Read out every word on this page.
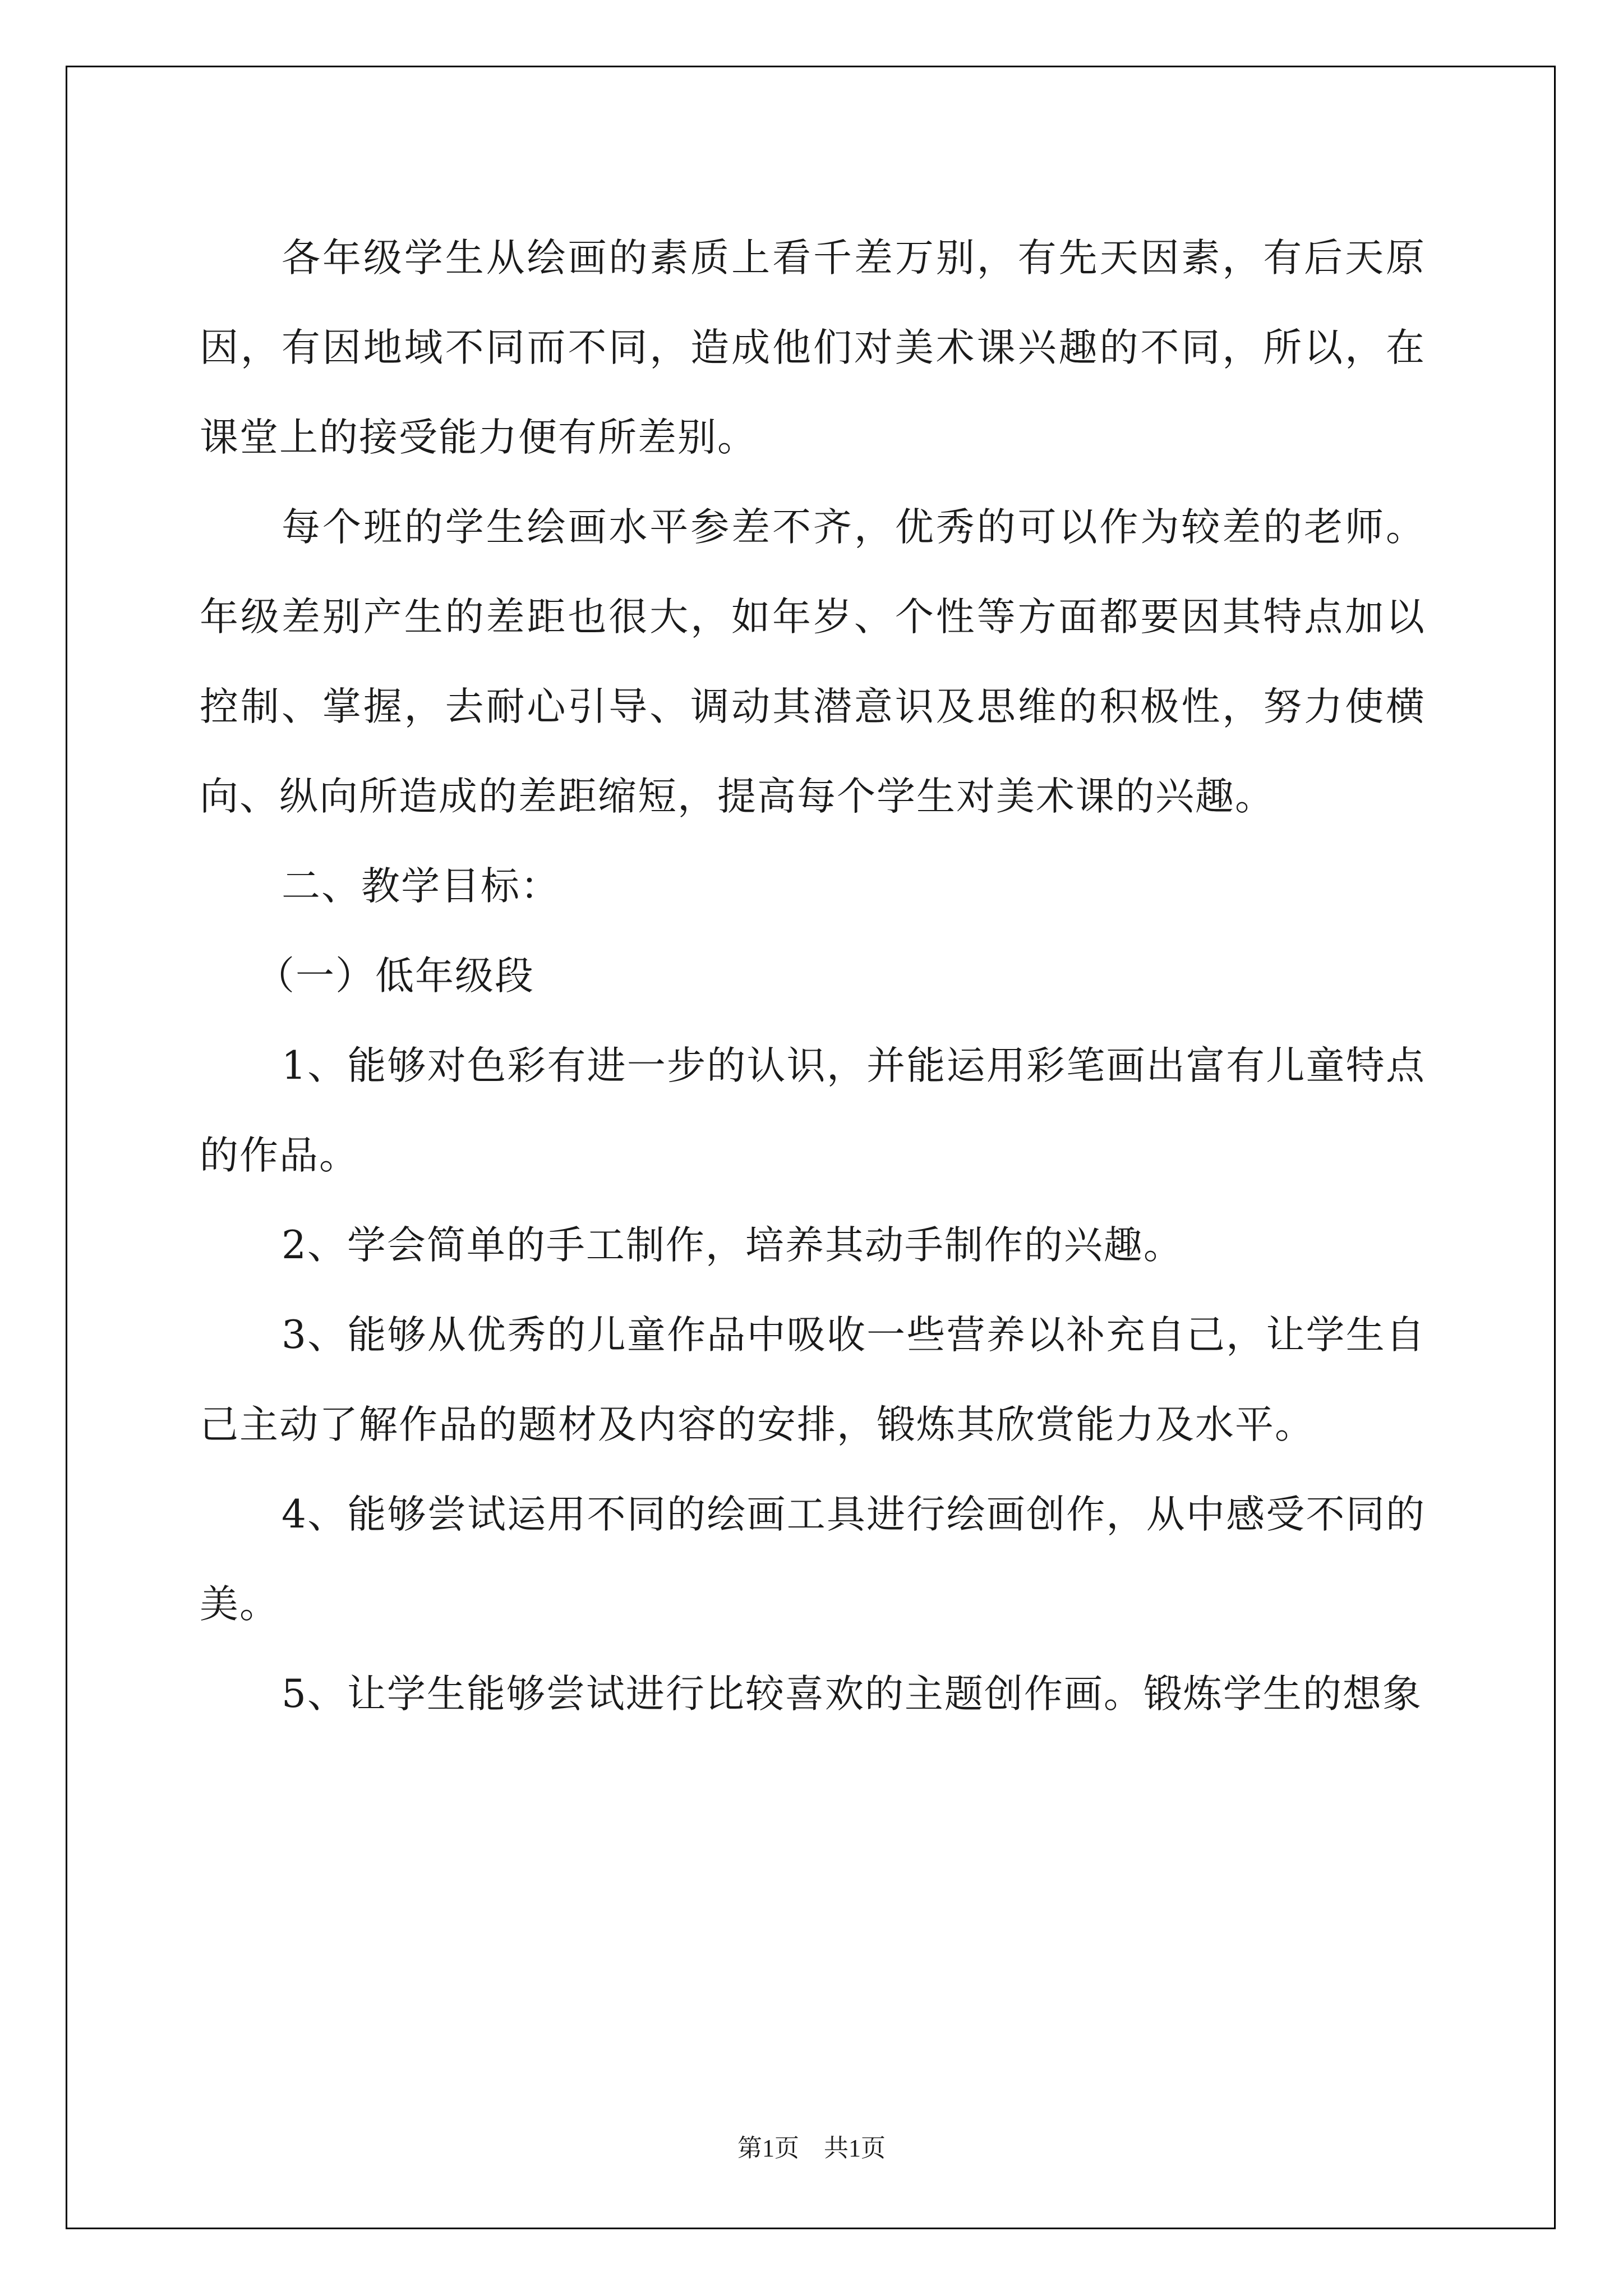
各年级学生从绘画的素质上看千差万别，有先天因素，有后天原因，有因地域不同而不同，造成他们对美术课兴趣的不同，所以，在课堂上的接受能力便有所差别。

每个班的学生绘画水平参差不齐，优秀的可以作为较差的老师。年级差别产生的差距也很大，如年岁、个性等方面都要因其特点加以控制、掌握，去耐心引导、调动其潜意识及思维的积极性，努力使横向、纵向所造成的差距缩短，提高每个学生对美术课的兴趣。

二、教学目标：

（一）低年级段

1、能够对色彩有进一步的认识，并能运用彩笔画出富有儿童特点的作品。

2、学会简单的手工制作，培养其动手制作的兴趣。

3、能够从优秀的儿童作品中吸收一些营养以补充自己，让学生自己主动了解作品的题材及内容的安排，锻炼其欣赏能力及水平。

4、能够尝试运用不同的绘画工具进行绘画创作，从中感受不同的美。

5、让学生能够尝试进行比较喜欢的主题创作画。锻炼学生的想象

第1页　共1页
